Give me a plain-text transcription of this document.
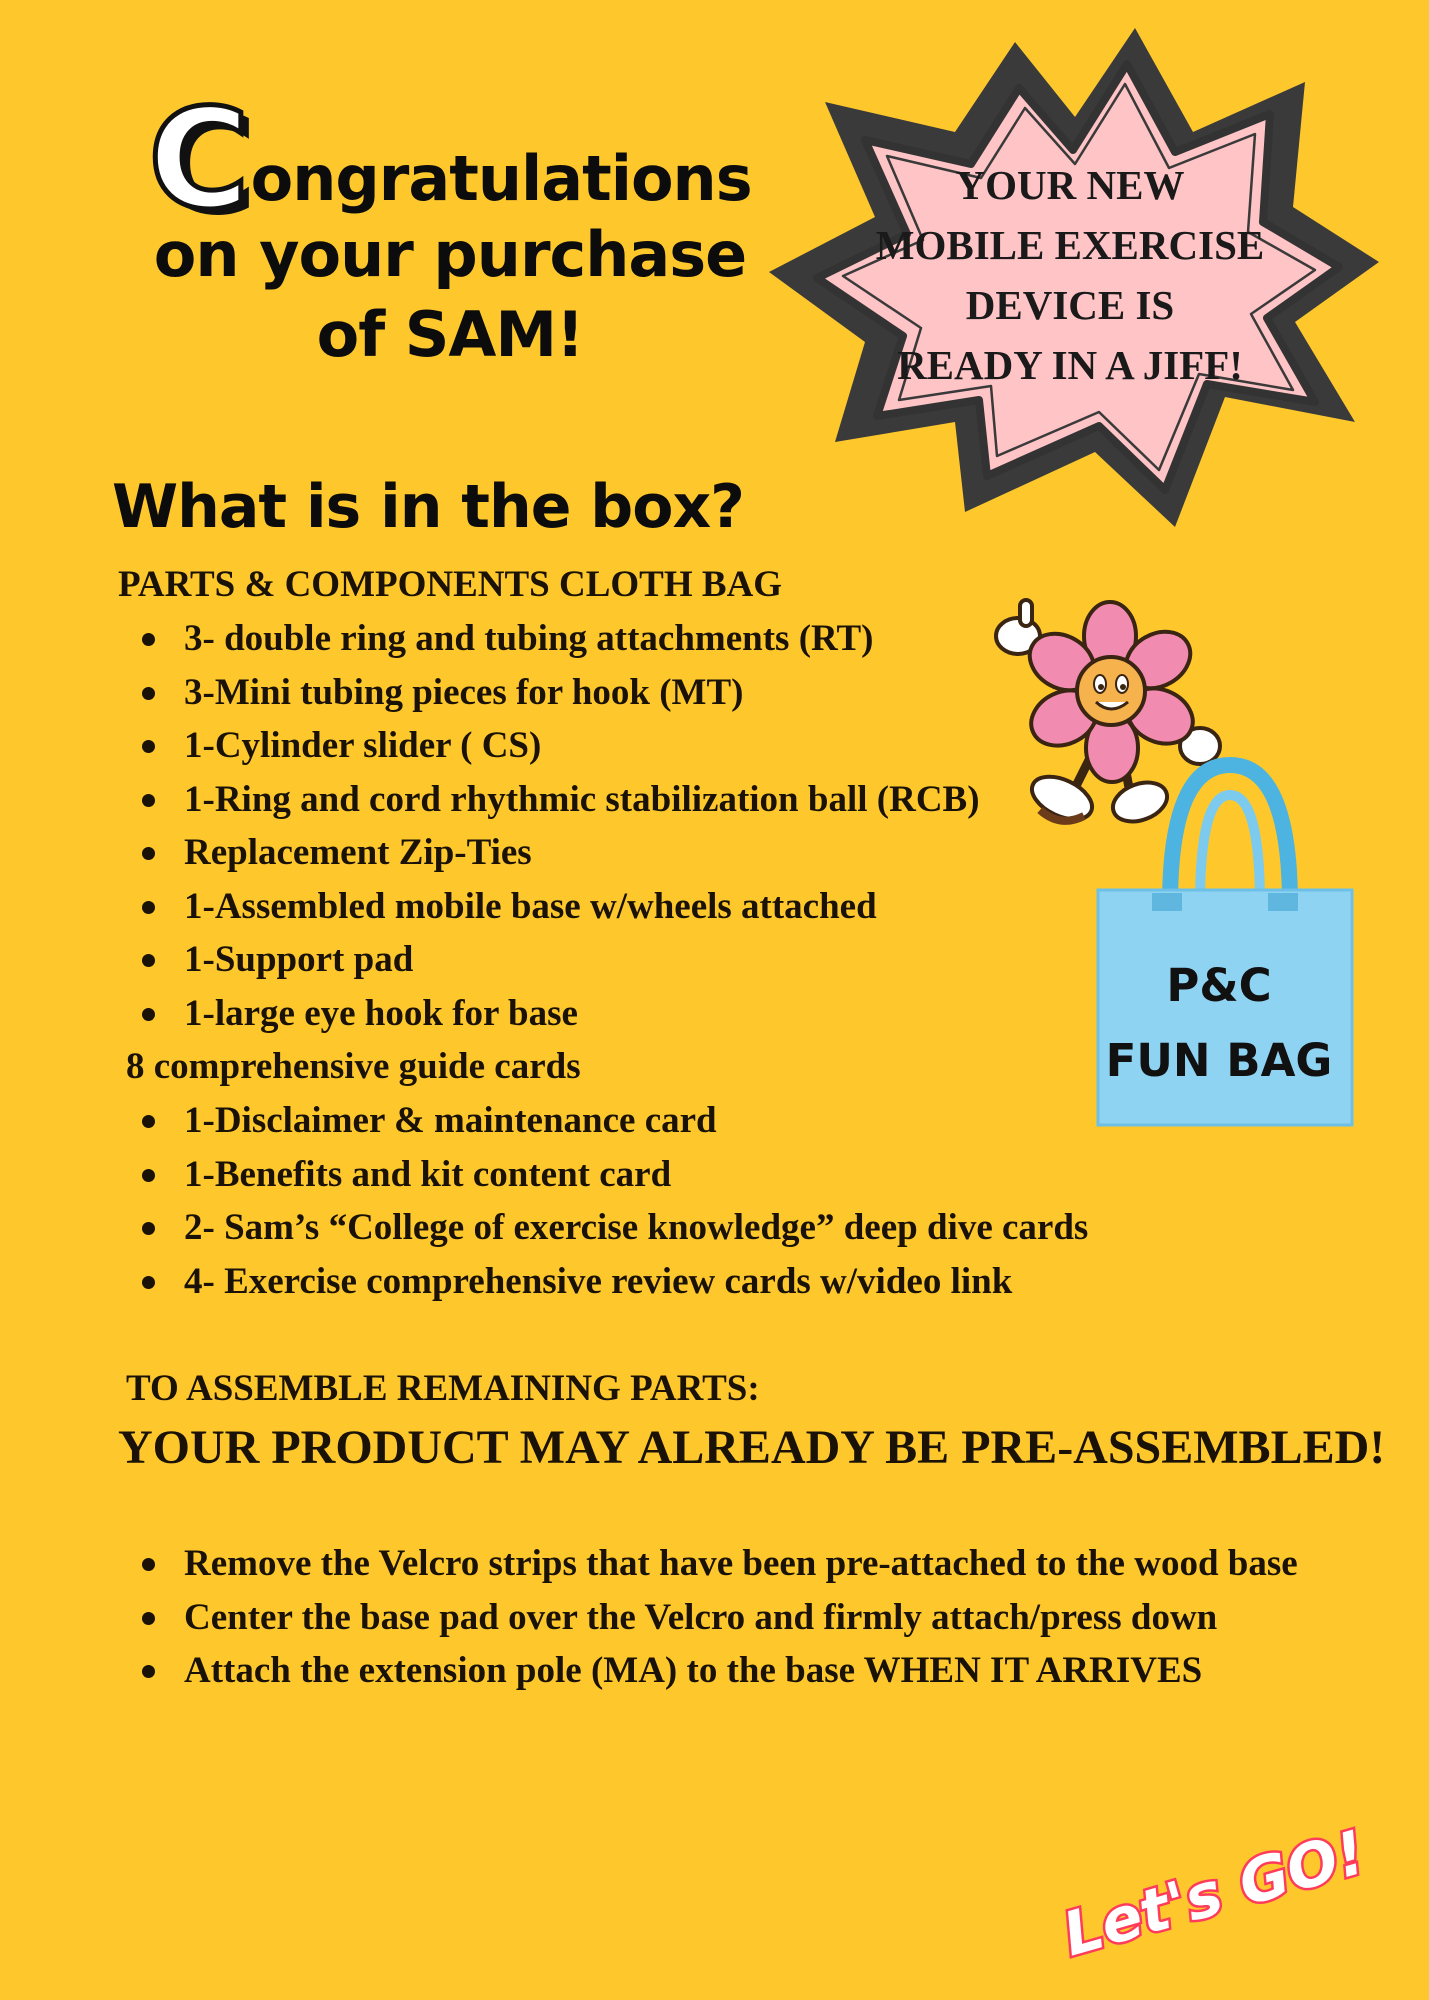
C ongratulations
on your purchase
of SAM!
YOUR NEW
MOBILE EXERCISE
DEVICE IS
READY IN A JIFF!
What is in the box?
PARTS & COMPONENTS CLOTH BAG
3- double ring and tubing attachments (RT)
3-Mini tubing pieces for hook (MT)
1-Cylinder slider ( CS)
1-Ring and cord rhythmic stabilization ball (RCB)
Replacement Zip-Ties
1-Assembled mobile base w/wheels attached
1-Support pad
1-large eye hook for base
8 comprehensive guide cards
1-Disclaimer & maintenance card
1-Benefits and kit content card
2- Sam’s “College of exercise knowledge” deep dive cards
4- Exercise comprehensive review cards w/video link
TO ASSEMBLE REMAINING PARTS:
YOUR PRODUCT MAY ALREADY BE PRE-ASSEMBLED!
Remove the Velcro strips that have been pre-attached to the wood base
Center the base pad over the Velcro and firmly attach/press down
Attach the extension pole (MA) to the base WHEN IT ARRIVES
P&C
FUN BAG
Let's GO!
